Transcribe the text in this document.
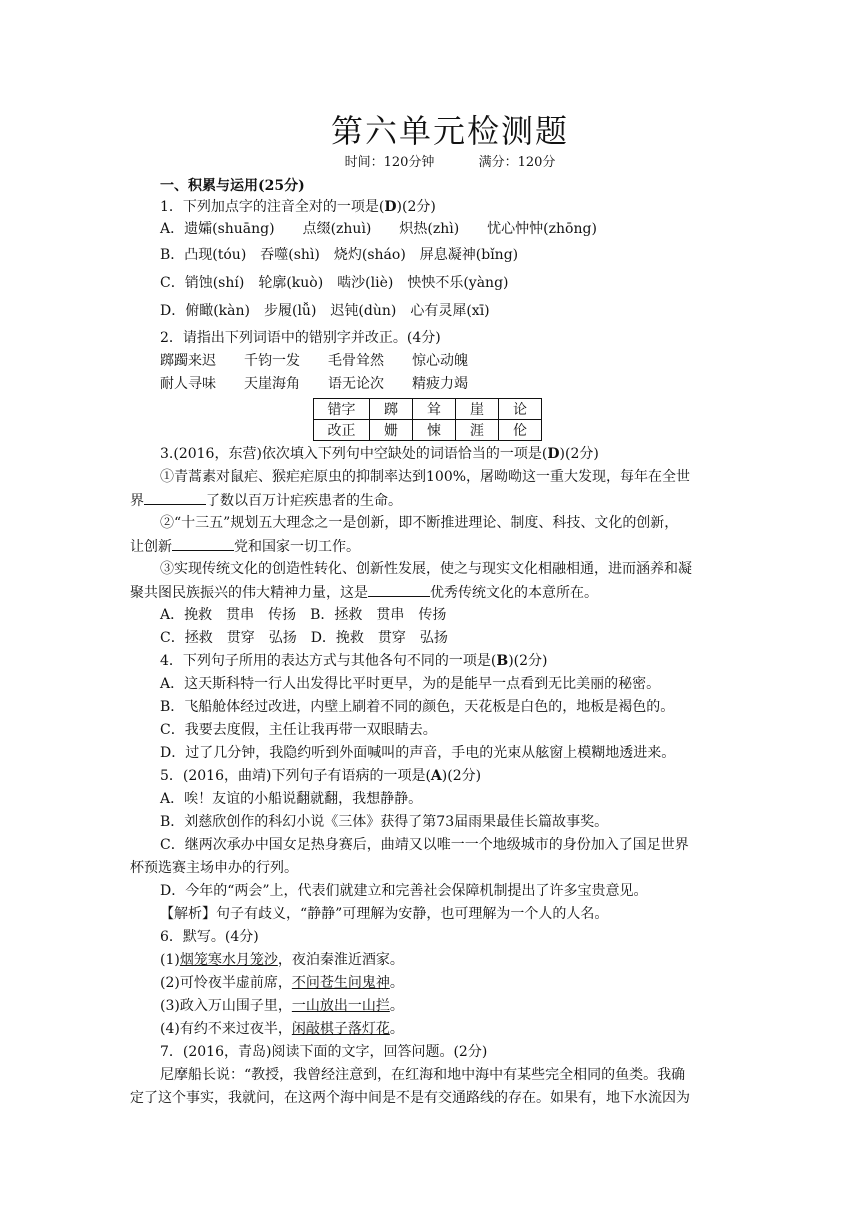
第六单元检测题
时间：120分钟	满分：120分
一、积累与运用(25分)
1．下列加点字的注音全对的一项是(D)(2分)
A．遗孀(shuāng)　　点缀(zhuì)　　炽热(zhì)　　忧心忡忡(zhōng)
B．凸现(tóu)　吞噬(shì)　烧灼(sháo)　屏息凝神(bǐng)
C．销蚀(shí)　轮廓(kuò)　啮沙(liè)　怏怏不乐(yàng)
D．俯瞰(kàn)　步履(lǚ)　迟钝(dùn)　心有灵犀(xī)
2．请指出下列词语中的错别字并改正。(4分)
踯躅来迟　　千钧一发　　毛骨耸然　　惊心动魄
耐人寻味　　天崖海角　　语无论次　　精疲力竭
错字	踯	耸	崖	论
改正	姗	悚	涯	伦
3.(2016，东营)依次填入下列句中空缺处的词语恰当的一项是(D)(2分)
①青蒿素对鼠疟、猴疟疟原虫的抑制率达到100%，屠呦呦这一重大发现，每年在全世
界	了数以百万计疟疾患者的生命。
②“十三五”规划五大理念之一是创新，即不断推进理论、制度、科技、文化的创新，
让创新	党和国家一切工作。
③实现传统文化的创造性转化、创新性发展，使之与现实文化相融相通，进而涵养和凝
聚共图民族振兴的伟大精神力量，这是	优秀传统文化的本意所在。
A．挽救　贯串　传扬　B．拯救　贯串　传扬
C．拯救　贯穿　弘扬　D．挽救　贯穿　弘扬
4．下列句子所用的表达方式与其他各句不同的一项是(B)(2分)
A．这天斯科特一行人出发得比平时更早，为的是能早一点看到无比美丽的秘密。
B．飞船舱体经过改进，内壁上刷着不同的颜色，天花板是白色的，地板是褐色的。
C．我要去度假，主任让我再带一双眼睛去。
D．过了几分钟，我隐约听到外面喊叫的声音，手电的光束从舷窗上模糊地透进来。
5．(2016，曲靖)下列句子有语病的一项是(A)(2分)
A．唉！友谊的小船说翻就翻，我想静静。
B．刘慈欣创作的科幻小说《三体》获得了第73届雨果最佳长篇故事奖。
C．继两次承办中国女足热身赛后，曲靖又以唯一一个地级城市的身份加入了国足世界
杯预选赛主场申办的行列。
D．今年的“两会”上，代表们就建立和完善社会保障机制提出了许多宝贵意见。
【解析】句子有歧义，“静静”可理解为安静，也可理解为一个人的人名。
6．默写。(4分)
(1)烟笼寒水月笼沙，夜泊秦淮近酒家。
(2)可怜夜半虚前席，不问苍生问鬼神。
(3)政入万山围子里，一山放出一山拦。
(4)有约不来过夜半，闲敲棋子落灯花。
7．(2016，青岛)阅读下面的文字，回答问题。(2分)
尼摩船长说：“教授，我曾经注意到，在红海和地中海中有某些完全相同的鱼类。我确
定了这个事实，我就问，在这两个海中间是不是有交通路线的存在。如果有，地下水流因为
